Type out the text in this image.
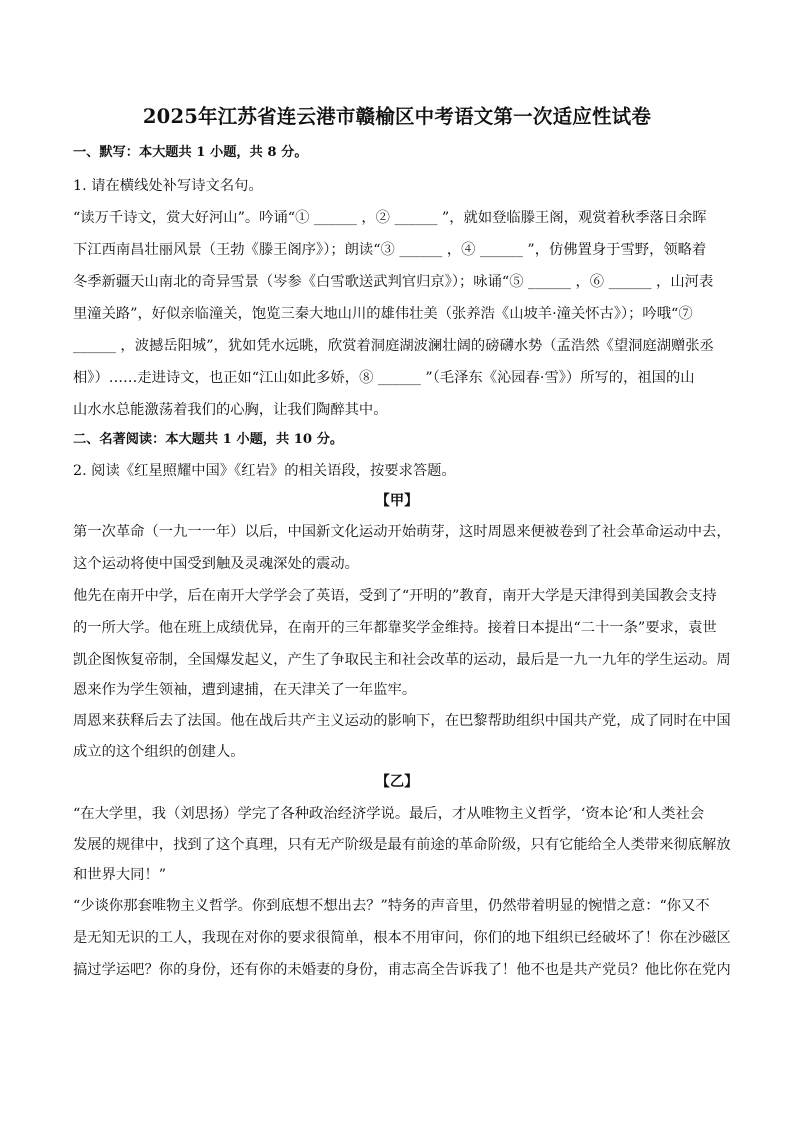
2025年江苏省连云港市赣榆区中考语文第一次适应性试卷
一、默写：本大题共 1 小题，共 8 分。
1. 请在横线处补写诗文名句。
“读万千诗文，赏大好河山”。吟诵“① ______ ，② ______ ”，就如登临滕王阁，观赏着秋季落日余晖
下江西南昌壮丽风景（王勃《滕王阁序》）；朗读“③ ______ ，④ ______ ”，仿佛置身于雪野，领略着
冬季新疆天山南北的奇异雪景（岑参《白雪歌送武判官归京》）；咏诵“⑤ ______ ，⑥ ______ ，山河表
里潼关路”，好似亲临潼关，饱览三秦大地山川的雄伟壮美（张养浩《山坡羊·潼关怀古》）；吟哦“⑦
______ ，波撼岳阳城”，犹如凭水远眺，欣赏着洞庭湖波澜壮阔的磅礴水势（孟浩然《望洞庭湖赠张丞
相》）……走进诗文，也正如“江山如此多娇，⑧ ______ ”（毛泽东《沁园春·雪》）所写的，祖国的山
山水水总能激荡着我们的心胸，让我们陶醉其中。
二、名著阅读：本大题共 1 小题，共 10 分。
2. 阅读《红星照耀中国》《红岩》的相关语段，按要求答题。
【甲】
第一次革命（一九一一年）以后，中国新文化运动开始萌芽，这时周恩来便被卷到了社会革命运动中去，
这个运动将使中国受到触及灵魂深处的震动。
他先在南开中学，后在南开大学学会了英语，受到了“开明的”教育，南开大学是天津得到美国教会支持
的一所大学。他在班上成绩优异，在南开的三年都靠奖学金维持。接着日本提出“二十一条”要求，袁世
凯企图恢复帝制，全国爆发起义，产生了争取民主和社会改革的运动，最后是一九一九年的学生运动。周
恩来作为学生领袖，遭到逮捕，在天津关了一年监牢。
周恩来获释后去了法国。他在战后共产主义运动的影响下，在巴黎帮助组织中国共产党，成了同时在中国
成立的这个组织的创建人。
【乙】
“在大学里，我（刘思扬）学完了各种政治经济学说。最后，才从唯物主义哲学，‘资本论’和人类社会
发展的规律中，找到了这个真理，只有无产阶级是最有前途的革命阶级，只有它能给全人类带来彻底解放
和世界大同！”
“少谈你那套唯物主义哲学。你到底想不想出去？”特务的声音里，仍然带着明显的惋惜之意：“你又不
是无知无识的工人，我现在对你的要求很简单，根本不用审问，你们的地下组织已经破坏了！你在沙磁区
搞过学运吧？你的身份，还有你的未婚妻的身份，甫志高全告诉我了！他不也是共产党员？他比你在党内
